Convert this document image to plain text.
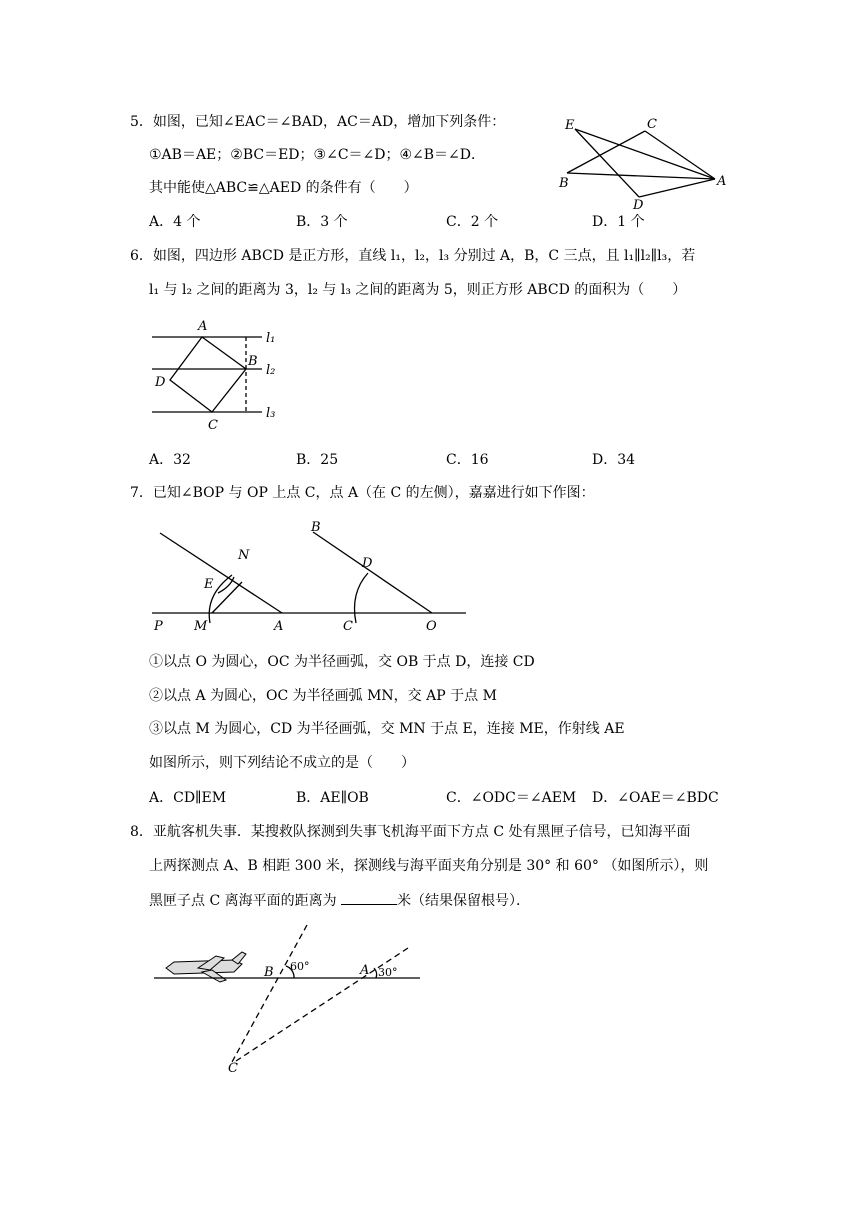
5．如图，已知∠EAC＝∠BAD，AC＝AD，增加下列条件：
①AB＝AE；②BC＝ED；③∠C＝∠D；④∠B＝∠D．
其中能使△ABC≌△AED 的条件有（　　）
A．4 个	B．3 个	C．2 个	D．1 个
E	C
B	A
D
6．如图，四边形 ABCD 是正方形，直线 l₁，l₂，l₃ 分别过 A，B，C 三点，且 l₁∥l₂∥l₃，若
l₁ 与 l₂ 之间的距离为 3，l₂ 与 l₃ 之间的距离为 5，则正方形 ABCD 的面积为（　　）
A
B
C
D
l₁
l₂
l₃
A．32	B．25	C．16	D．34
7．已知∠BOP 与 OP 上点 C，点 A（在 C 的左侧），嘉嘉进行如下作图：
N
E
P M	A
B
D
C	O
①以点 O 为圆心，OC 为半径画弧，交 OB 于点 D，连接 CD
②以点 A 为圆心，OC 为半径画弧 MN，交 AP 于点 M
③以点 M 为圆心，CD 为半径画弧，交 MN 于点 E，连接 ME，作射线 AE
如图所示，则下列结论不成立的是（　　）
A．CD∥EM	B．AE∥OB	C．∠ODC＝∠AEM D．∠OAE＝∠BDC
8．亚航客机失事．某搜救队探测到失事飞机海平面下方点 C 处有黑匣子信号，已知海平面
上两探测点 A、B 相距 300 米，探测线与海平面夹角分别是 30° 和 60° （如图所示），则
黑匣子点 C 离海平面的距离为	米（结果保留根号）．
B	A
C
60°	30°
